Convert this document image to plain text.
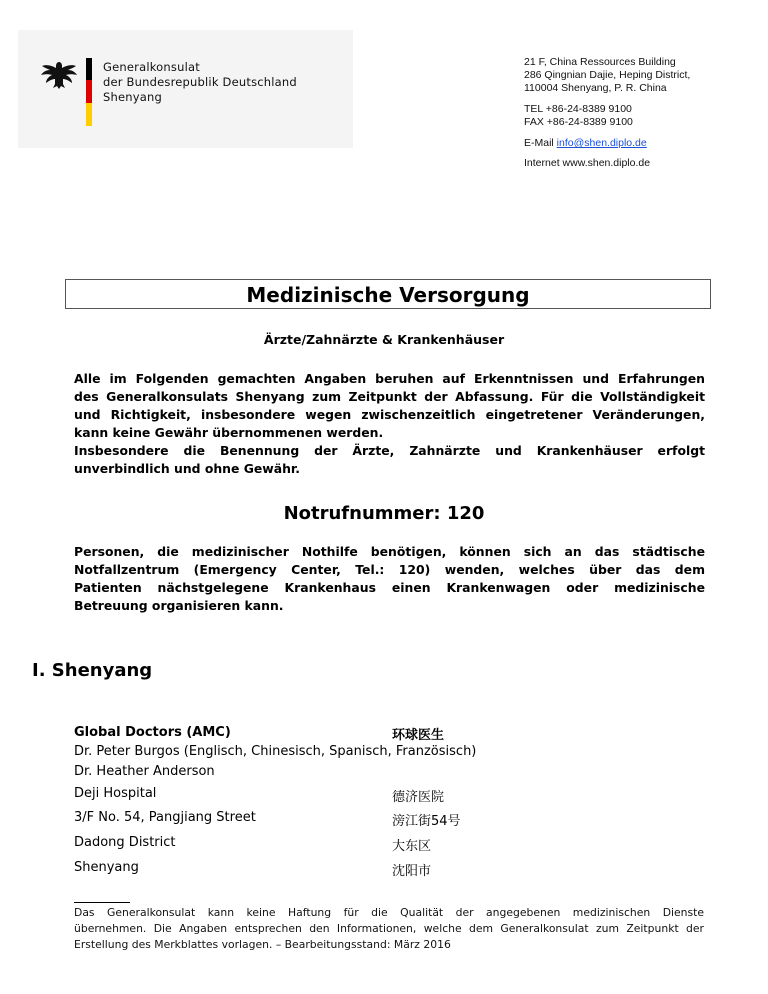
Generalkonsulat
der Bundesrepublik Deutschland
Shenyang
21 F, China Ressources Building
286 Qingnian Dajie, Heping District,
110004 Shenyang, P. R. China
TEL +86-24-8389 9100
FAX +86-24-8389 9100
E-Mail info@shen.diplo.de
Internet www.shen.diplo.de
Medizinische Versorgung
Ärzte/Zahnärzte & Krankenhäuser
Alle im Folgenden gemachten Angaben beruhen auf Erkenntnissen und Erfahrungen
des Generalkonsulats Shenyang zum Zeitpunkt der Abfassung. Für die Vollständigkeit
und Richtigkeit, insbesondere wegen zwischenzeitlich eingetretener Veränderungen,
kann keine Gewähr übernommenen werden.
Insbesondere die Benennung der Ärzte, Zahnärzte und Krankenhäuser erfolgt
unverbindlich und ohne Gewähr.
Notrufnummer: 120
Personen, die medizinischer Nothilfe benötigen, können sich an das städtische
Notfallzentrum (Emergency Center, Tel.: 120) wenden, welches über das dem
Patienten nächstgelegene Krankenhaus einen Krankenwagen oder medizinische
Betreuung organisieren kann.
I. Shenyang
Global Doctors (AMC)	环球医生
Dr. Peter Burgos (Englisch, Chinesisch, Spanisch, Französisch)
Dr. Heather Anderson
Deji Hospital	德济医院
3/F No. 54, Pangjiang Street	滂江街54号
Dadong District	大东区
Shenyang	沈阳市
Das Generalkonsulat kann keine Haftung für die Qualität der angegebenen medizinischen Dienste
übernehmen. Die Angaben entsprechen den Informationen, welche dem Generalkonsulat zum Zeitpunkt der
Erstellung des Merkblattes vorlagen. – Bearbeitungsstand: März 2016
